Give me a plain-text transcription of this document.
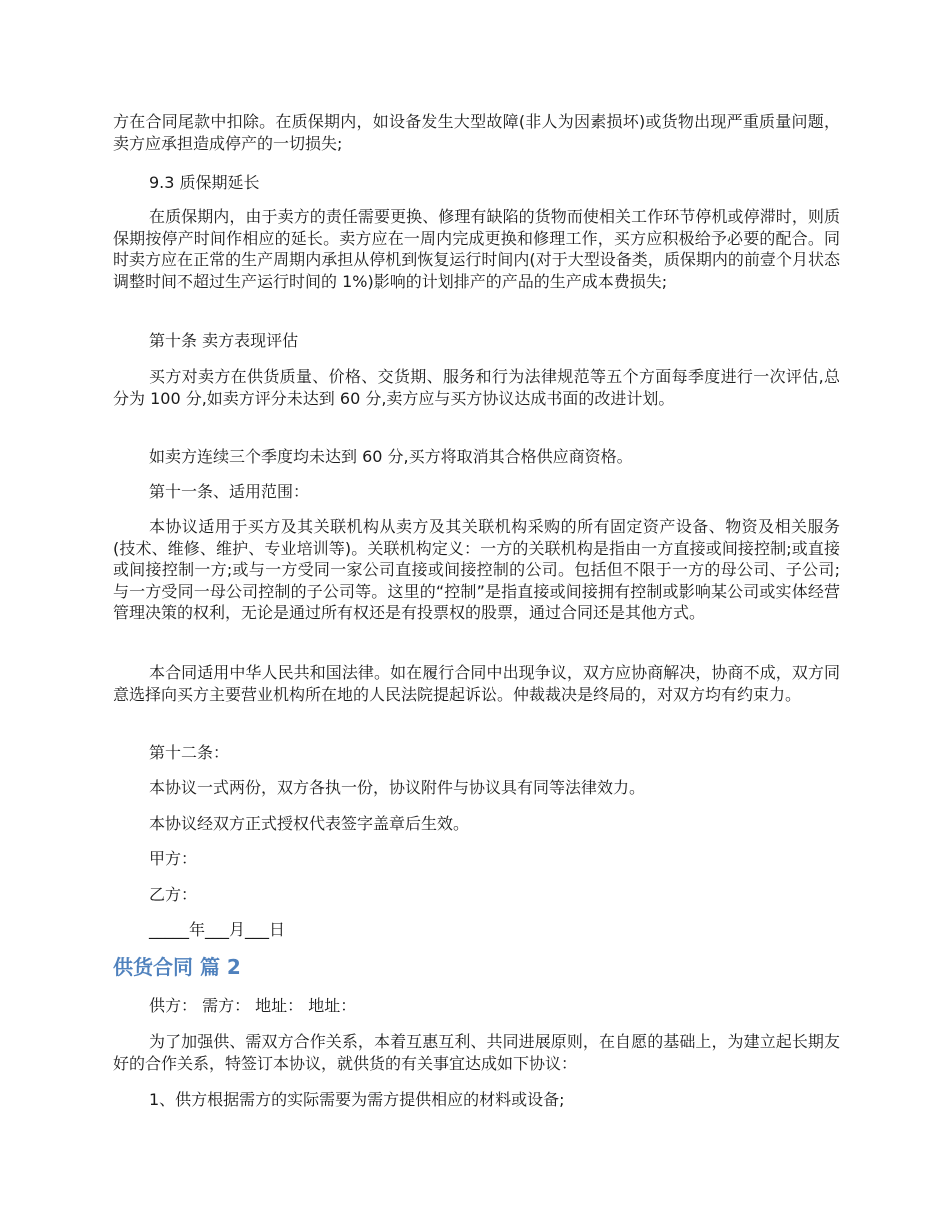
方在合同尾款中扣除。在质保期内，如设备发生大型故障(非人为因素损坏)或货物出现严重质量问题，卖方应承担造成停产的一切损失;

9.3 质保期延长

在质保期内，由于卖方的责任需要更换、修理有缺陷的货物而使相关工作环节停机或停滞时，则质保期按停产时间作相应的延长。卖方应在一周内完成更换和修理工作，买方应积极给予必要的配合。同时卖方应在正常的生产周期内承担从停机到恢复运行时间内(对于大型设备类，质保期内的前壹个月状态调整时间不超过生产运行时间的 1%)影响的计划排产的产品的生产成本费损失;

第十条 卖方表现评估

买方对卖方在供货质量、价格、交货期、服务和行为法律规范等五个方面每季度进行一次评估,总分为 100 分,如卖方评分未达到 60 分,卖方应与买方协议达成书面的改进计划。

如卖方连续三个季度均未达到 60 分,买方将取消其合格供应商资格。

第十一条、适用范围：

本协议适用于买方及其关联机构从卖方及其关联机构采购的所有固定资产设备、物资及相关服务(技术、维修、维护、专业培训等)。关联机构定义：一方的关联机构是指由一方直接或间接控制;或直接或间接控制一方;或与一方受同一家公司直接或间接控制的公司。包括但不限于一方的母公司、子公司;与一方受同一母公司控制的子公司等。这里的“控制”是指直接或间接拥有控制或影响某公司或实体经营管理决策的权利，无论是通过所有权还是有投票权的股票，通过合同还是其他方式。

本合同适用中华人民共和国法律。如在履行合同中出现争议，双方应协商解决，协商不成，双方同意选择向买方主要营业机构所在地的人民法院提起诉讼。仲裁裁决是终局的，对双方均有约束力。

第十二条：

本协议一式两份，双方各执一份，协议附件与协议具有同等法律效力。

本协议经双方正式授权代表签字盖章后生效。

甲方：

乙方：

_____年___月___日

供货合同 篇 2

供方： 需方： 地址： 地址：

为了加强供、需双方合作关系，本着互惠互利、共同进展原则，在自愿的基础上，为建立起长期友好的合作关系，特签订本协议，就供货的有关事宜达成如下协议：

1、供方根据需方的实际需要为需方提供相应的材料或设备;
